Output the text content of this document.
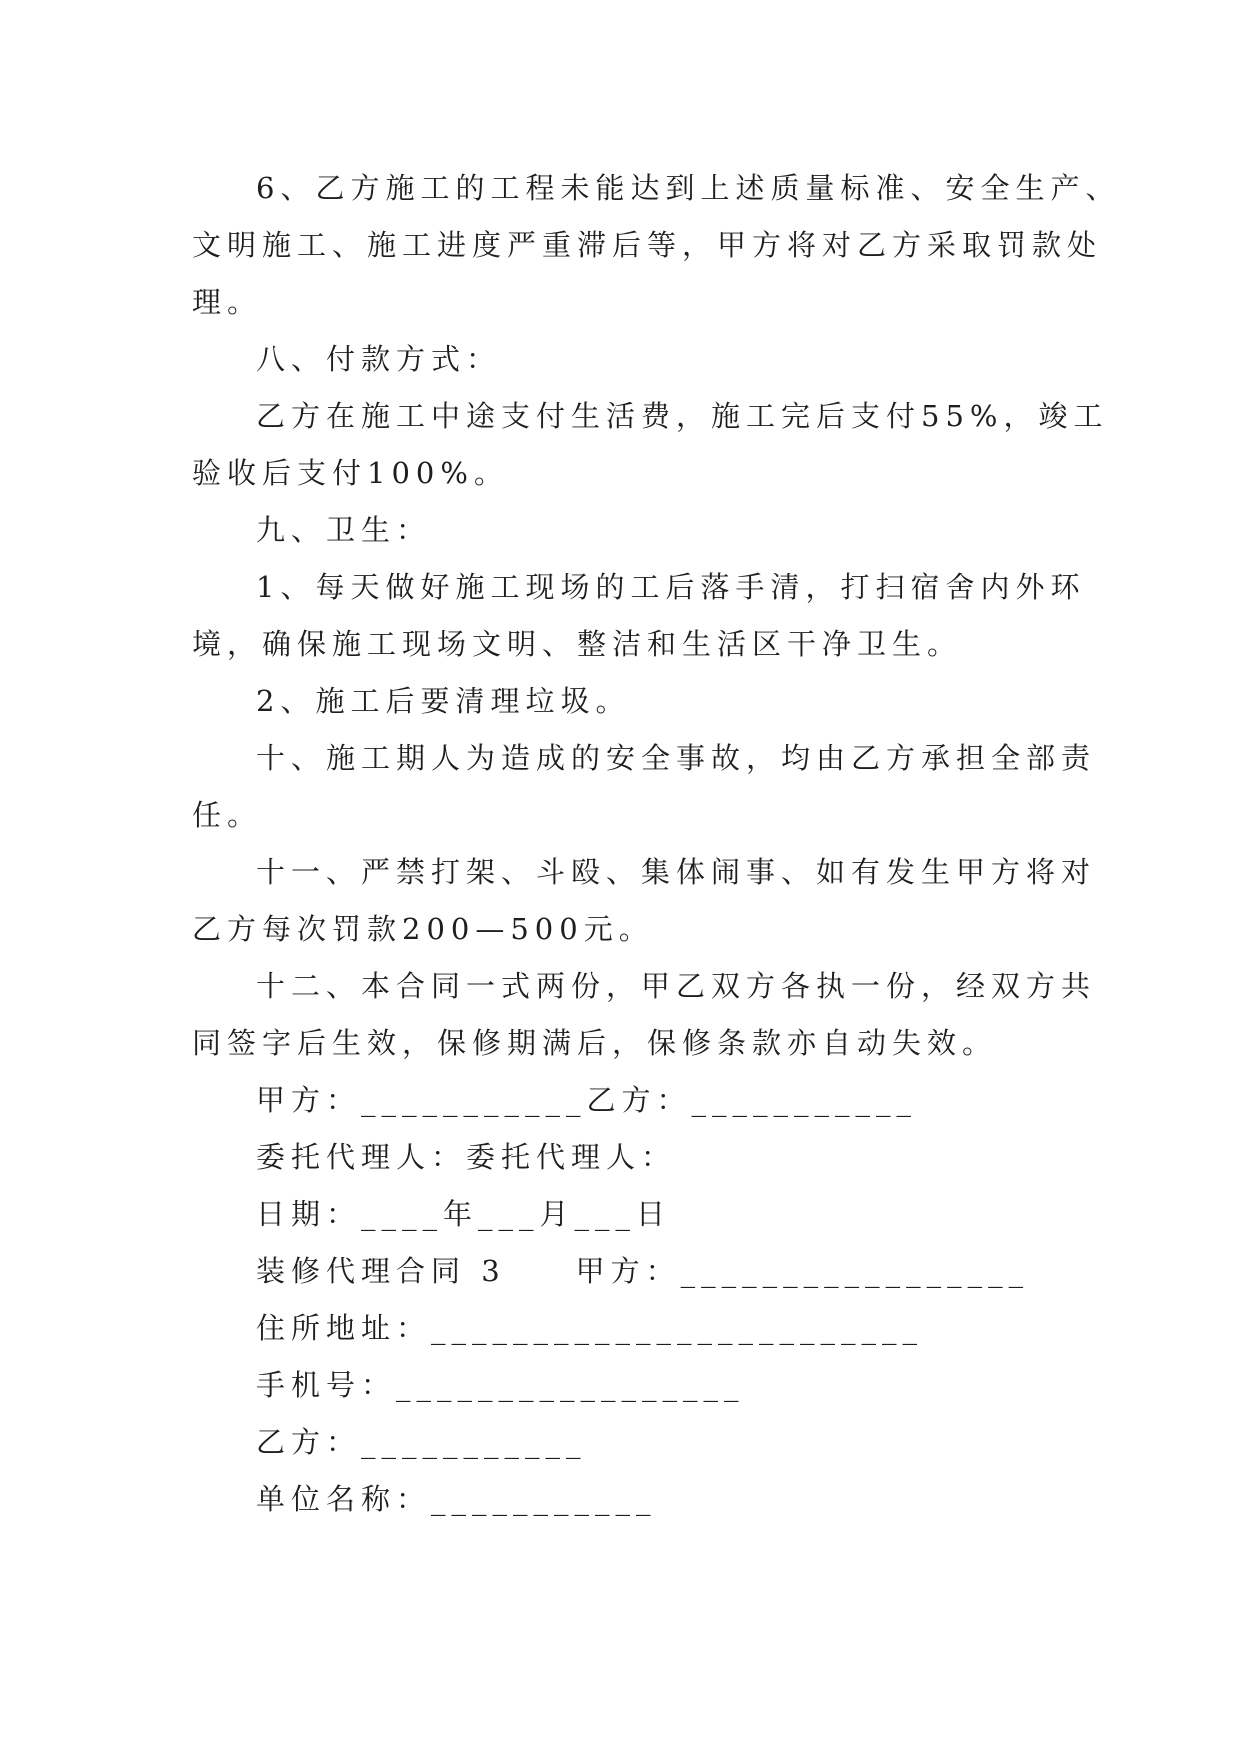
6、乙方施工的工程未能达到上述质量标准、安全生产、
文明施工、施工进度严重滞后等，甲方将对乙方采取罚款处
理。
八、付款方式：
乙方在施工中途支付生活费，施工完后支付55%，竣工
验收后支付100%。
九、卫生：
1、每天做好施工现场的工后落手清，打扫宿舍内外环
境，确保施工现场文明、整洁和生活区干净卫生。
2、施工后要清理垃圾。
十、施工期人为造成的安全事故，均由乙方承担全部责
任。
十一、严禁打架、斗殴、集体闹事、如有发生甲方将对
乙方每次罚款200—500元。
十二、本合同一式两份，甲乙双方各执一份，经双方共
同签字后生效，保修期满后，保修条款亦自动失效。
甲方：___________乙方：___________
委托代理人：委托代理人：
日期：____年___月___日
装修代理合同 3　　甲方：_________________
住所地址：________________________
手机号：_________________
乙方：___________
单位名称：___________
